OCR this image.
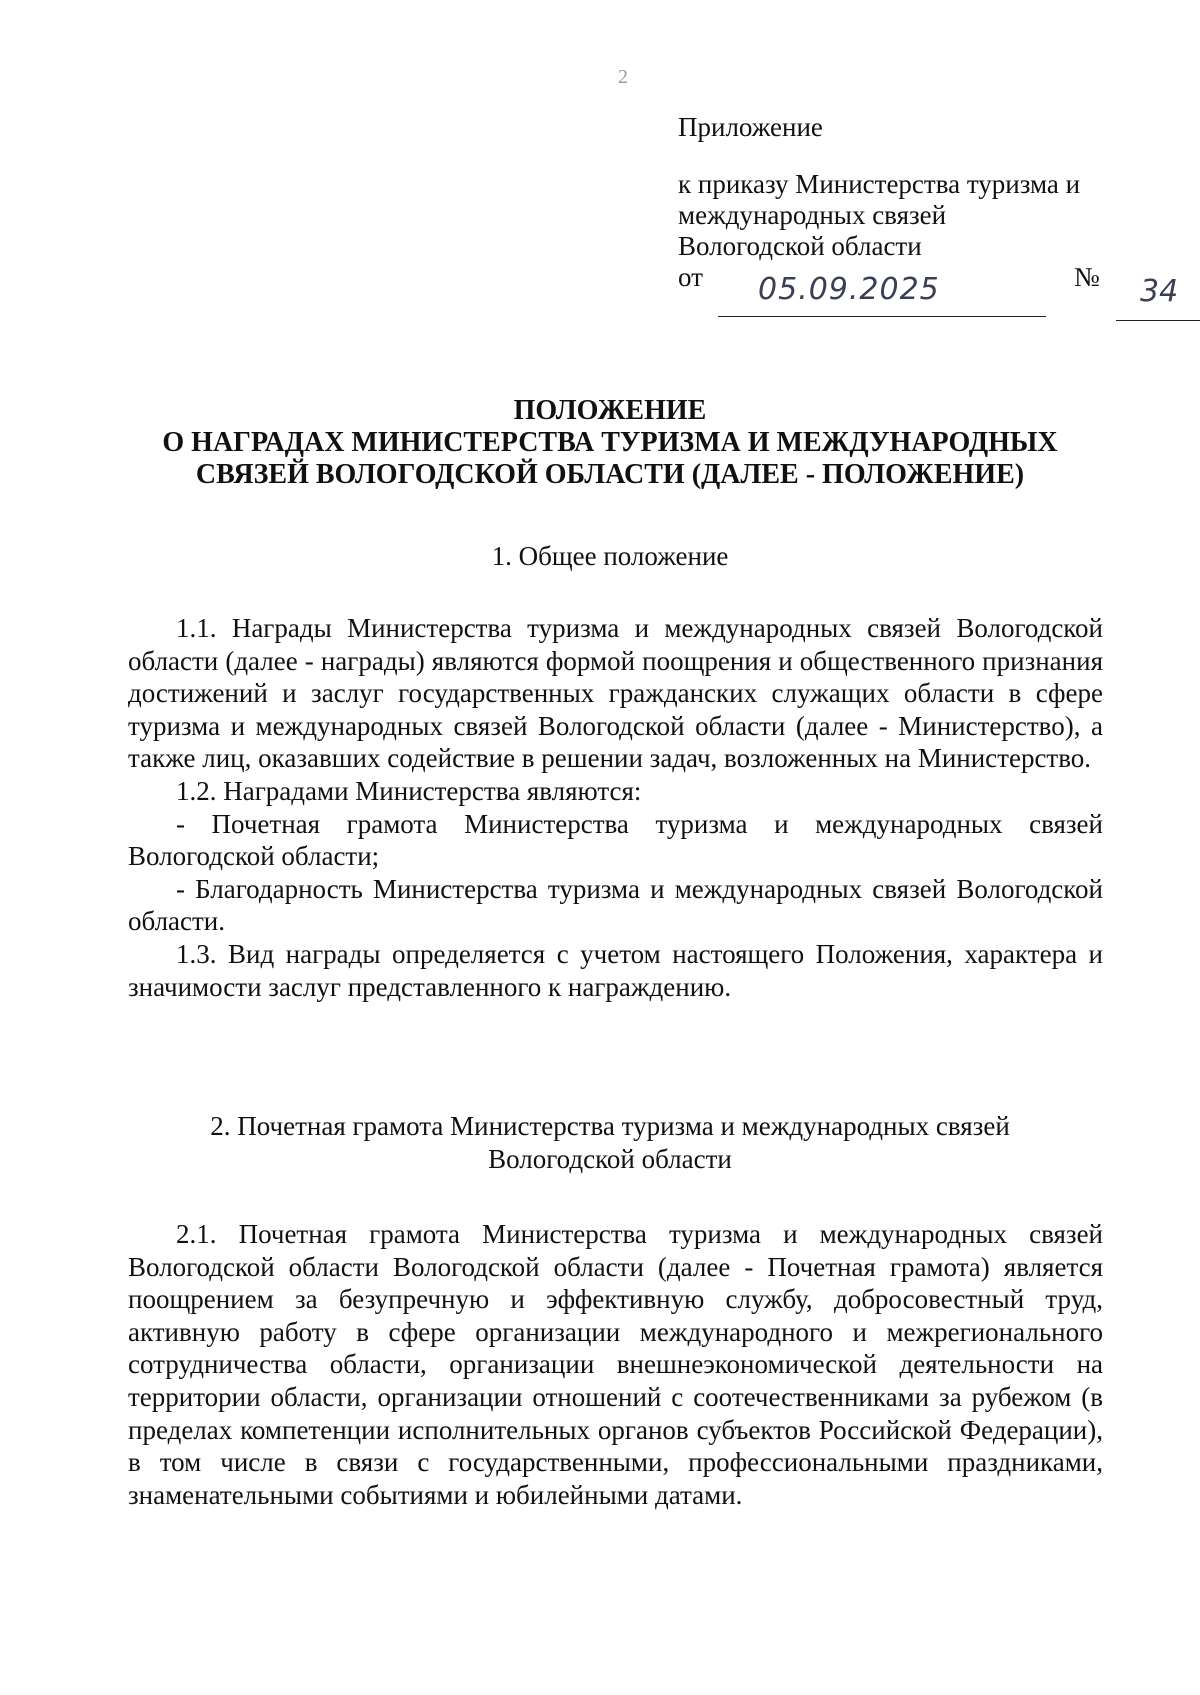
2
Приложение
к приказу Министерства туризма и
международных связей
Вологодской области
от 05.09.2025	№ 34
ПОЛОЖЕНИЕ
О НАГРАДАХ МИНИСТЕРСТВА ТУРИЗМА И МЕЖДУНАРОДНЫХ
СВЯЗЕЙ ВОЛОГОДСКОЙ ОБЛАСТИ (ДАЛЕЕ - ПОЛОЖЕНИЕ)
1. Общее положение

1.1. Награды Министерства туризма и международных связей Вологодской области (далее - награды) являются формой поощрения и общественного признания достижений и заслуг государственных гражданских служащих области в сфере туризма и международных связей Вологодской области (далее - Министерство), а также лиц, оказавших содействие в решении задач, возложенных на Министерство.

1.2. Наградами Министерства являются:

- Почетная грамота Министерства туризма и международных связей Вологодской области;

- Благодарность Министерства туризма и международных связей Вологодской области.

1.3. Вид награды определяется с учетом настоящего Положения, характера и значимости заслуг представленного к награждению.

2. Почетная грамота Министерства туризма и международных связей
Вологодской области

2.1. Почетная грамота Министерства туризма и международных связей Вологодской области Вологодской области (далее - Почетная грамота) является поощрением за безупречную и эффективную службу, добросовестный труд, активную работу в сфере организации международного и межрегионального сотрудничества области, организации внешнеэкономической деятельности на территории области, организации отношений с соотечественниками за рубежом (в пределах компетенции исполнительных органов субъектов Российской Федерации), в том числе в связи с государственными, профессиональными праздниками, знаменательными событиями и юбилейными датами.
